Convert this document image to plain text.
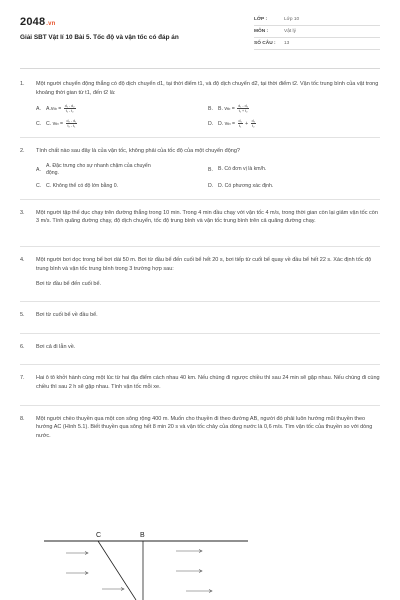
2048.vn
Giải SBT Vật lí 10 Bài 5. Tốc độ và vận tốc có đáp án
LỚP :	Lớp 10
MÔN :	Vật lý
SỐ CÂU :	13
1.	Một người chuyển động thẳng có độ dịch chuyển d1, tại thời điểm t1, và độ dịch chuyển d2, tại thời điểm t2. Vận tốc trung bình của vật trong khoảng thời gian từ t1, đến t2 là:
A. $A.vtb = \frac{\text{d₁ - d₂}}{\text{t₁ - t₂}}$	B. B. vtb = $\frac{\text{d₁ - d₂}}{\text{t₁ + t₂}}$
C. C. vtb = $\frac{\text{d₂ - d₁}}{\text{t₂ - t₁}}$	D. D. vtb = $\frac{\text{d₁}}{\text{t₁}} + \frac{\text{d₂}}{\text{t₂}}$
2.	Tính chất nào sau đây là của vận tốc, không phải của tốc độ của một chuyển động?
A.
A. Đặc trưng cho sự nhanh chậm của chuyển động.	B. B. Có đơn vị là km/h.
C. C. Không thể có độ lớn bằng 0.	D. D. Có phương xác định.
3.	Một người tập thể dục chạy trên đường thẳng trong 10 min. Trong 4 min đầu chạy với vận tốc 4 m/s, trong thời gian còn lại giảm vận tốc còn 3 m/s. Tính quãng đường chạy, độ dịch chuyển, tốc độ trung bình và vận tốc trung bình trên cả quãng đường chạy.
4.	Một người bơi dọc trong bể bơi dài 50 m. Bơi từ đầu bể đến cuối bể hết 20 s, bơi tiếp từ cuối bể quay về đầu bể hết 22 s. Xác định tốc độ trung bình và vận tốc trung bình trong 3 trường hợp sau:
Bơi từ đầu bể đến cuối bể.
5.	Bơi từ cuối bể về đầu bể.
6.	Bơi cả đi lẫn về.
7.	Hai ô tô khởi hành cùng một lúc từ hai địa điểm cách nhau 40 km. Nếu chúng đi ngược chiều thì sau 24 min sẽ gặp nhau. Nếu chúng đi cùng chiều thì sau 2 h sẽ gặp nhau. Tính vận tốc mỗi xe.
8.	Một người chèo thuyền qua một con sông rộng 400 m. Muốn cho thuyền đi theo đường AB, người đó phải luôn hướng mũi thuyền theo hướng AC (Hình 5.1). Biết thuyền qua sông hết 8 min 20 s và vận tốc chảy của dòng nước là 0,6 m/s. Tìm vận tốc của thuyền so với dòng nước.
C	B
